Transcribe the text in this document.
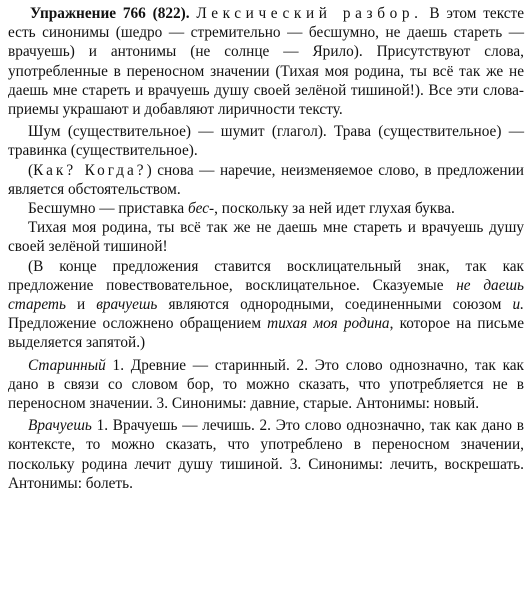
Упражнение 766 (822). Лексический разбор. В этом тексте есть синонимы (шедро — стремительно — бесшумно, не даешь стареть — врачуешь) и антонимы (не солнце — Ярило). Присутствуют слова, употребленные в переносном значении (Тихая моя родина, ты всё так же не даешь мне стареть и врачуешь душу своей зелёной тишиной!). Все эти слова-приемы украшают и добавляют лиричности тексту.

Шум (существительное) — шумит (глагол). Трава (существительное) — травинка (существительное).

(Как? Когда?) снова — наречие, неизменяемое слово, в предложении является обстоятельством.

Бесшумно — приставка бес-, поскольку за ней идет глухая буква.

Тихая моя родина, ты всё так же не даешь мне стареть и врачуешь душу своей зелёной тишиной!

(В конце предложения ставится восклицательный знак, так как предложение повествовательное, восклицательное. Сказуемые не даешь стареть и врачуешь являются однородными, соединенными союзом и. Предложение осложнено обращением тихая моя родина, которое на письме выделяется запятой.)

Старинный 1. Древние — старинный. 2. Это слово однозначно, так как дано в связи со словом бор, то можно сказать, что употребляется не в переносном значении. 3. Синонимы: давние, старые. Антонимы: новый.

Врачуешь 1. Врачуешь — лечишь. 2. Это слово однозначно, так как дано в контексте, то можно сказать, что употреблено в переносном значении, поскольку родина лечит душу тишиной. 3. Синонимы: лечить, воскрешать. Антонимы: болеть.
